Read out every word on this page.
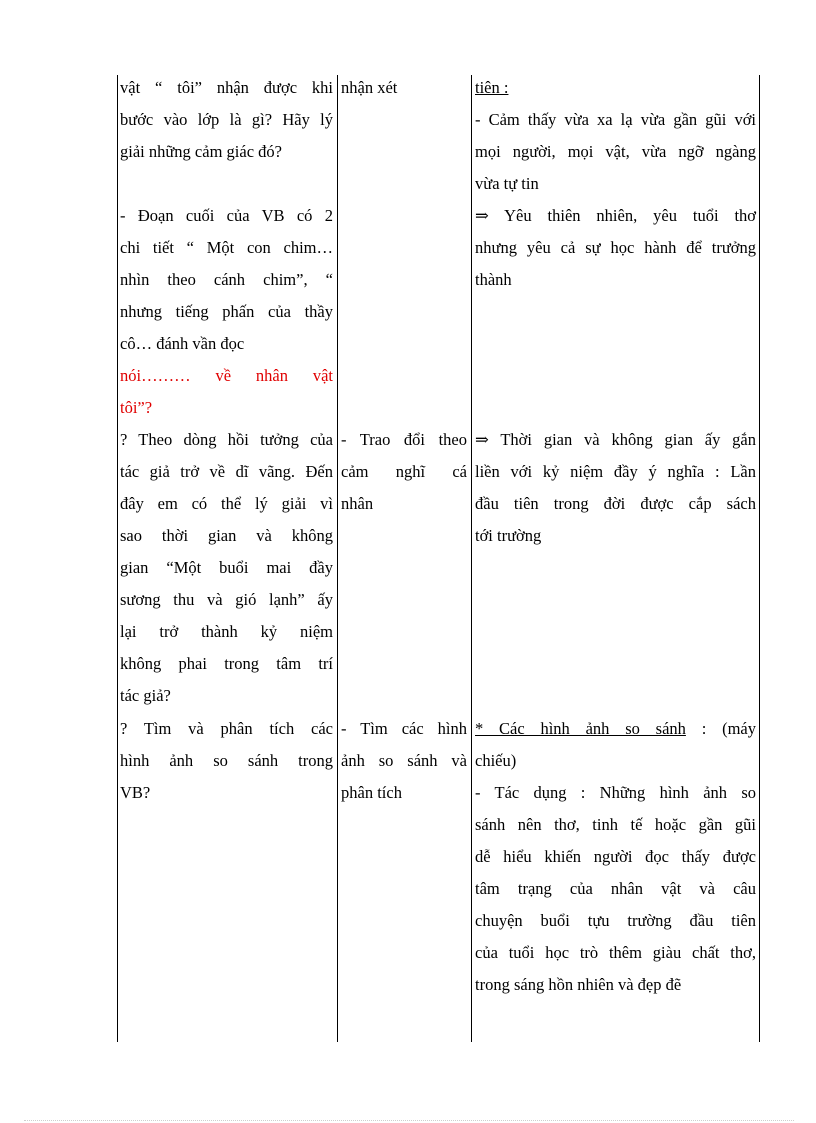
vật “ tôi” nhận được khi

bước vào lớp là gì? Hãy lý

giải những cảm giác đó?

- Đoạn cuối của VB có 2

chi tiết “ Một con chim…

nhìn theo cánh chim”, “

nhưng tiếng phấn của thầy

cô… đánh vần đọc

nói……… về nhân vật

tôi”?

nhận xét	tiên :

- Cảm thấy vừa xa lạ vừa gần gũi với

mọi người, mọi vật, vừa ngỡ ngàng

vừa tự tin

⇒ Yêu thiên nhiên, yêu tuổi thơ

nhưng yêu cả sự học hành để trưởng

thành

? Theo dòng hồi tưởng của

tác giả trở về dĩ vãng. Đến

đây em có thể lý giải vì

sao thời gian và không

gian “Một buổi mai đầy

sương thu và gió lạnh” ấy

lại trở thành kỷ niệm

không phai trong tâm trí

tác giả?

- Trao đổi theo

cảm nghĩ cá

nhân

⇒ Thời gian và không gian ấy gắn

liền với kỷ niệm đầy ý nghĩa : Lần

đầu tiên trong đời được cắp sách

tới trường

? Tìm và phân tích các

hình ảnh so sánh trong

VB?

- Tìm các hình

ảnh so sánh và

phân tích

* Các hình ảnh so sánh : (máy

chiếu)

- Tác dụng : Những hình ảnh so

sánh nên thơ, tinh tế hoặc gần gũi

dễ hiểu khiến người đọc thấy được

tâm trạng của nhân vật và câu

chuyện buổi tựu trường đầu tiên

của tuổi học trò thêm giàu chất thơ,

trong sáng hồn nhiên và đẹp đẽ
